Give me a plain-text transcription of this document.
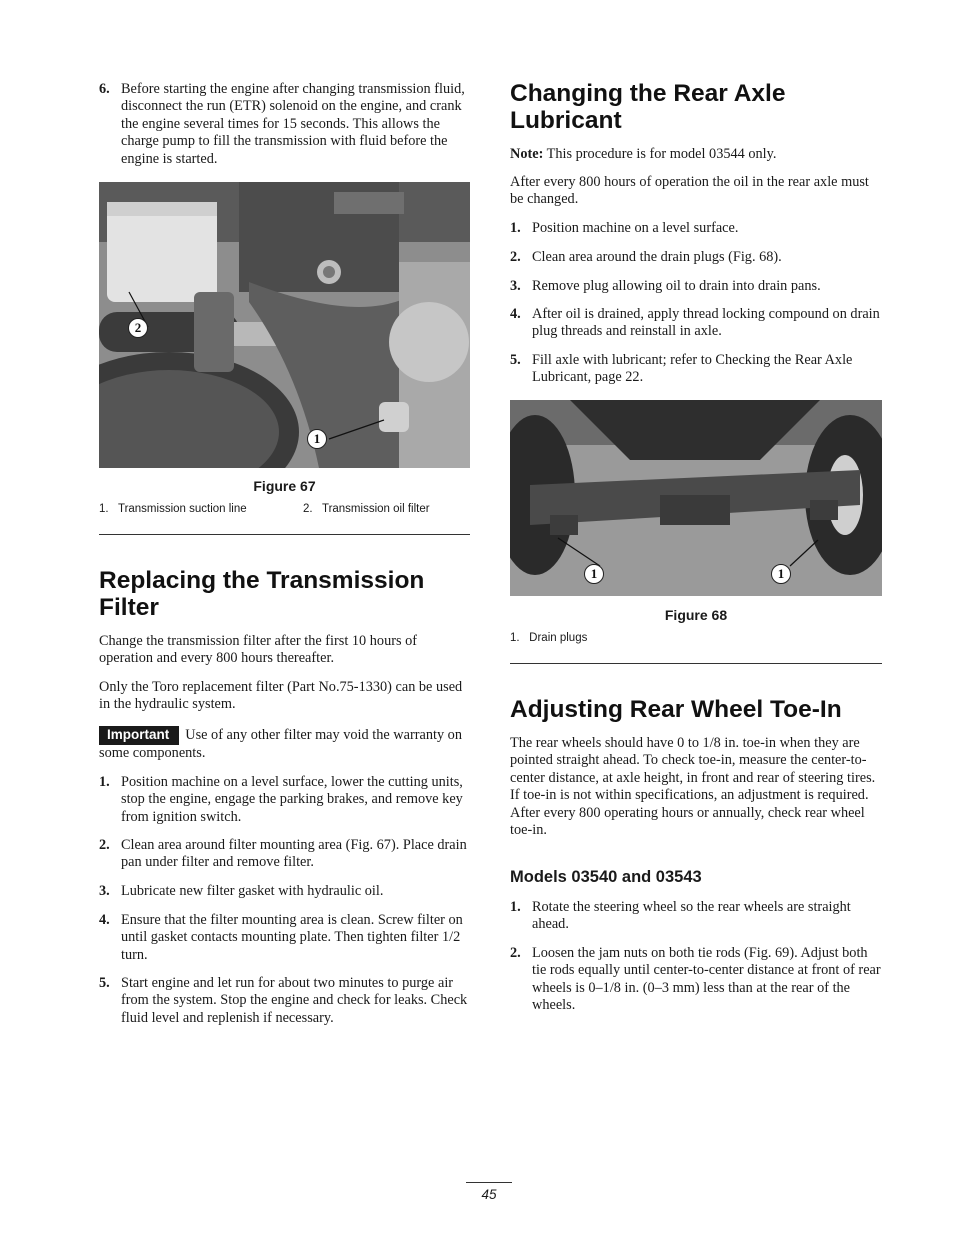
6. Before starting the engine after changing transmission fluid, disconnect the run (ETR) solenoid on the engine, and crank the engine several times for 15 seconds. This allows the charge pump to fill the transmission with fluid before the engine is started.
2
1
Figure 67
1.   Transmission suction line	2.   Transmission oil filter
Replacing the Transmission Filter
Change the transmission filter after the first 10 hours of operation and every 800 hours thereafter.
Only the Toro replacement filter (Part No.75-1330) can be used in the hydraulic system.
Important Use of any other filter may void the warranty on some components.
1. Position machine on a level surface, lower the cutting units, stop the engine, engage the parking brakes, and remove key from ignition switch.
2. Clean area around filter mounting area (Fig. 67). Place drain pan under filter and remove filter.
3. Lubricate new filter gasket with hydraulic oil.
4. Ensure that the filter mounting area is clean. Screw filter on until gasket contacts mounting plate. Then tighten filter 1/2 turn.
5. Start engine and let run for about two minutes to purge air from the system. Stop the engine and check for leaks. Check fluid level and replenish if necessary.
Changing the Rear Axle Lubricant
Note: This procedure is for model 03544 only.
After every 800 hours of operation the oil in the rear axle must be changed.
1. Position machine on a level surface.
2. Clean area around the drain plugs (Fig. 68).
3. Remove plug allowing oil to drain into drain pans.
4. After oil is drained, apply thread locking compound on drain plug threads and reinstall in axle.
5. Fill axle with lubricant; refer to Checking the Rear Axle Lubricant, page 22.
1	1
Figure 68
1.   Drain plugs
Adjusting Rear Wheel Toe-In
The rear wheels should have 0 to 1/8 in. toe-in when they are pointed straight ahead. To check toe-in, measure the center-to-center distance, at axle height, in front and rear of steering tires. If toe-in is not within specifications, an adjustment is required. After every 800 operating hours or annually, check rear wheel toe-in.
Models 03540 and 03543
1. Rotate the steering wheel so the rear wheels are straight ahead.
2. Loosen the jam nuts on both tie rods (Fig. 69). Adjust both tie rods equally until center-to-center distance at front of rear wheels is 0–1/8 in. (0–3 mm) less than at the rear of the wheels.
45
